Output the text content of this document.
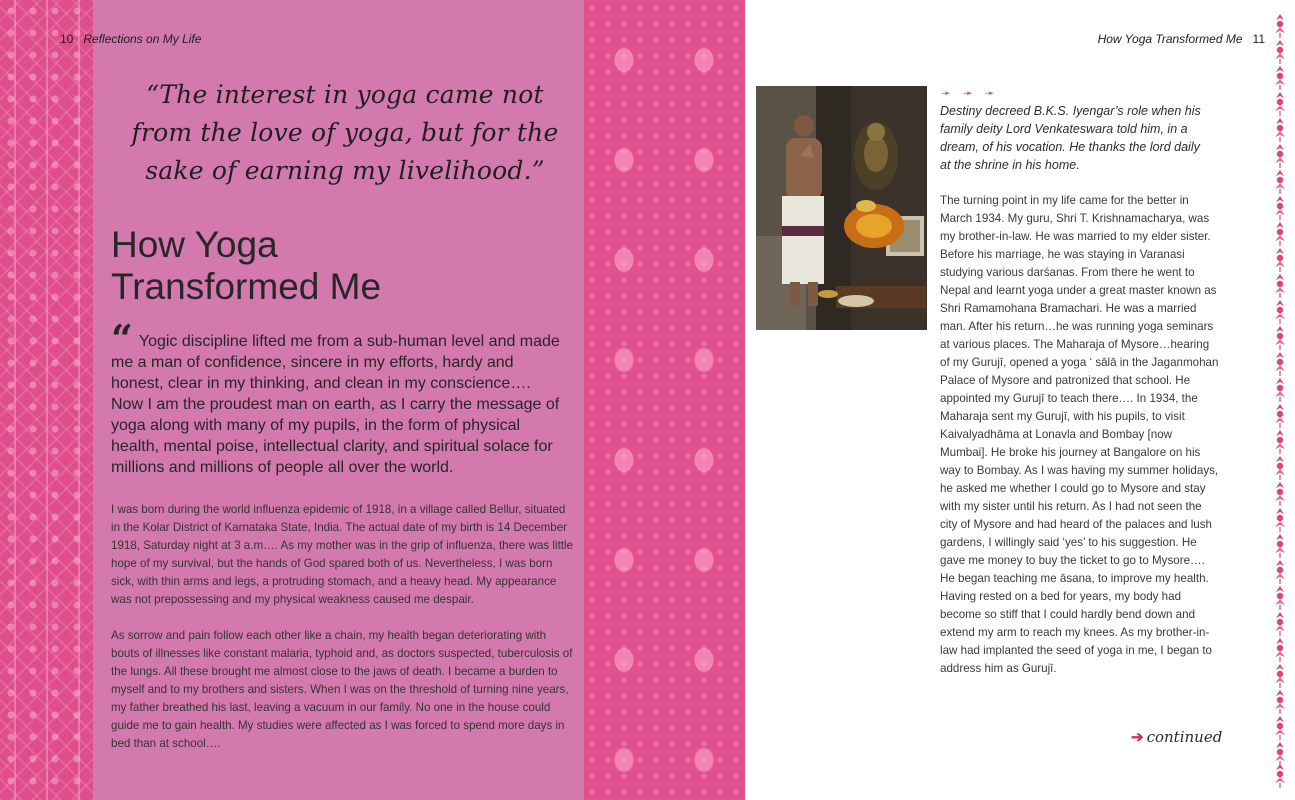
10 Reflections on My Life
“The interest in yoga came not from the love of yoga, but for the sake of earning my livelihood.”
How Yoga
Transformed Me
“ Yogic discipline lifted me from a sub-human level and made me a man of confidence, sincere in my efforts, hardy and honest, clear in my thinking, and clean in my conscience…. Now I am the proudest man on earth, as I carry the message of yoga along with many of my pupils, in the form of physical health, mental poise, intellectual clarity, and spiritual solace for millions and millions of people all over the world.

I was born during the world influenza epidemic of 1918, in a village called Bellur, situated in the Kolar District of Karnataka State, India. The actual date of my birth is 14 December 1918, Saturday night at 3 a.m…. As my mother was in the grip of influenza, there was little hope of my survival, but the hands of God spared both of us. Nevertheless, I was born sick, with thin arms and legs, a protruding stomach, and a heavy head. My appearance was not prepossessing and my physical weakness caused me despair.

As sorrow and pain follow each other like a chain, my health began deteriorating with bouts of illnesses like constant malaria, typhoid and, as doctors suspected, tuberculosis of the lungs. All these brought me almost close to the jaws of death. I became a burden to myself and to my brothers and sisters. When I was on the threshold of turning nine years, my father breathed his last, leaving a vacuum in our family. No one in the house could guide me to gain health. My studies were affected as I was forced to spend more days in bed than at school….

How Yoga Transformed Me 11
➛ ➛ ➛
Destiny decreed B.K.S. Iyengar’s role when his family deity Lord Venkateswara told him, in a dream, of his vocation. He thanks the lord daily at the shrine in his home.

The turning point in my life came for the better in March 1934. My guru, Shri T. Krishnamacharya, was my brother-in-law. He was married to my elder sister. Before his marriage, he was staying in Varanasi studying various darśanas. From there he went to Nepal and learnt yoga under a great master known as Shri Ramamohana Bramachari. He was a married man. After his return…he was running yoga seminars at various places. The Maharaja of Mysore…hearing of my Gurujī, opened a yoga ‘ sālā in the Jaganmohan Palace of Mysore and patronized that school. He appointed my Gurujī to teach there…. In 1934, the Maharaja sent my Gurujī, with his pupils, to visit Kaivalyadhāma at Lonavla and Bombay [now Mumbai]. He broke his journey at Bangalore on his way to Bombay. As I was having my summer holidays, he asked me whether I could go to Mysore and stay with my sister until his return. As I had not seen the city of Mysore and had heard of the palaces and lush gardens, I willingly said ‘yes’ to his suggestion. He gave me money to buy the ticket to go to Mysore…. He began teaching me āsana, to improve my health. Having rested on a bed for years, my body had become so stiff that I could hardly bend down and extend my arm to reach my knees. As my brother-in-law had implanted the seed of yoga in me, I began to address him as Gurujī.

➔ continued
